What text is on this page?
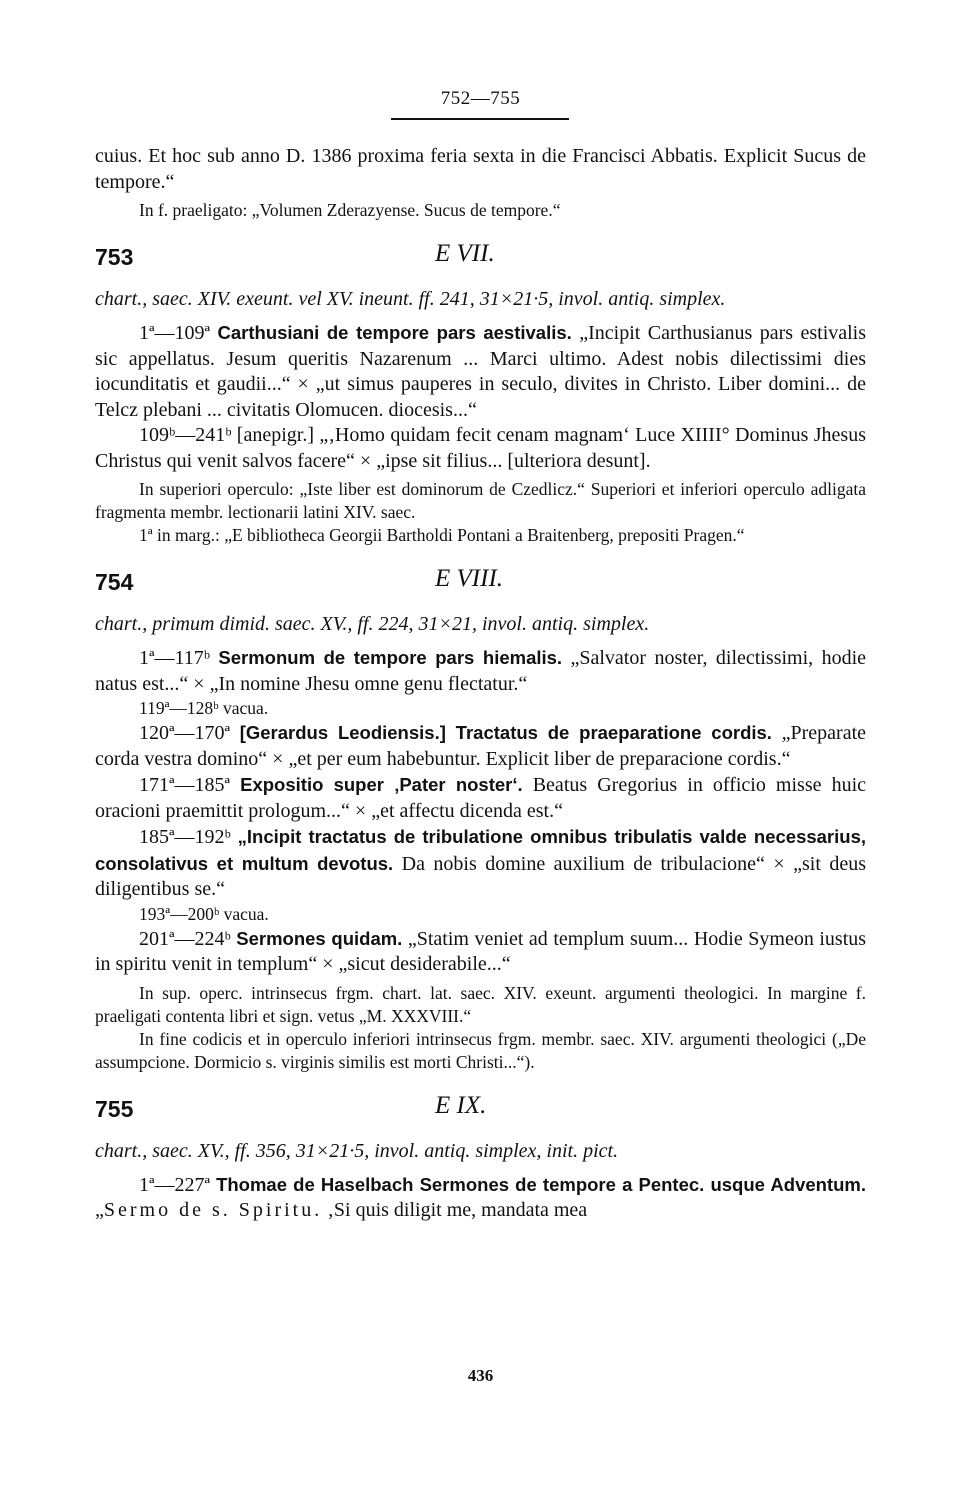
752—755

cuius. Et hoc sub anno D. 1386 proxima feria sexta in die Francisci Abbatis. Explicit Sucus de tempore.“

In f. praeligato: „Volumen Zderazyense. Sucus de tempore.“

753	E VII.

chart., saec. XIV. exeunt. vel XV. ineunt. ff. 241, 31×21·5, invol. antiq. simplex.

1ª—109ª Carthusiani de tempore pars aestivalis. „Incipit Carthusianus pars estivalis sic appellatus. Jesum queritis Nazarenum ... Marci ultimo. Adest nobis dilectissimi dies iocunditatis et gaudii...“ × „ut simus pauperes in seculo, divites in Christo. Liber domini... de Telcz plebani ... civitatis Olomucen. diocesis...“

109ᵇ—241ᵇ [anepigr.] „‚Homo quidam fecit cenam magnam‘ Luce XIIII° Dominus Jhesus Christus qui venit salvos facere“ × „ipse sit filius... [ulteriora desunt].

In superiori operculo: „Iste liber est dominorum de Czedlicz.“ Superiori et inferiori operculo adligata fragmenta membr. lectionarii latini XIV. saec.

1ª in marg.: „E bibliotheca Georgii Bartholdi Pontani a Braitenberg, prepositi Pragen.“

754	E VIII.

chart., primum dimid. saec. XV., ff. 224, 31×21, invol. antiq. simplex.

1ª—117ᵇ Sermonum de tempore pars hiemalis. „Salvator noster, dilectissimi, hodie natus est...“ × „In nomine Jhesu omne genu flectatur.“

119ª—128ᵇ vacua.

120ª—170ª [Gerardus Leodiensis.] Tractatus de praeparatione cordis. „Preparate corda vestra domino“ × „et per eum habebuntur. Explicit liber de preparacione cordis.“

171ª—185ª Expositio super ‚Pater noster‘. Beatus Gregorius in officio misse huic oracioni praemittit prologum...“ × „et affectu dicenda est.“

185ª—192ᵇ „Incipit tractatus de tribulatione omnibus tribulatis valde necessarius, consolativus et multum devotus. Da nobis domine auxilium de tribulacione“ × „sit deus diligentibus se.“

193ª—200ᵇ vacua.

201ª—224ᵇ Sermones quidam. „Statim veniet ad templum suum... Hodie Symeon iustus in spiritu venit in templum“ × „sicut desiderabile...“

In sup. operc. intrinsecus frgm. chart. lat. saec. XIV. exeunt. argumenti theologici. In margine f. praeligati contenta libri et sign. vetus „M. XXXVIII.“

In fine codicis et in operculo inferiori intrinsecus frgm. membr. saec. XIV. argumenti theologici („De assumpcione. Dormicio s. virginis similis est morti Christi...“).

755	E IX.

chart., saec. XV., ff. 356, 31×21·5, invol. antiq. simplex, init. pict.

1ª—227ª Thomae de Haselbach Sermones de tempore a Pentec. usque Adventum. „Sermo de s. Spiritu. ‚Si quis diligit me, mandata mea

436
